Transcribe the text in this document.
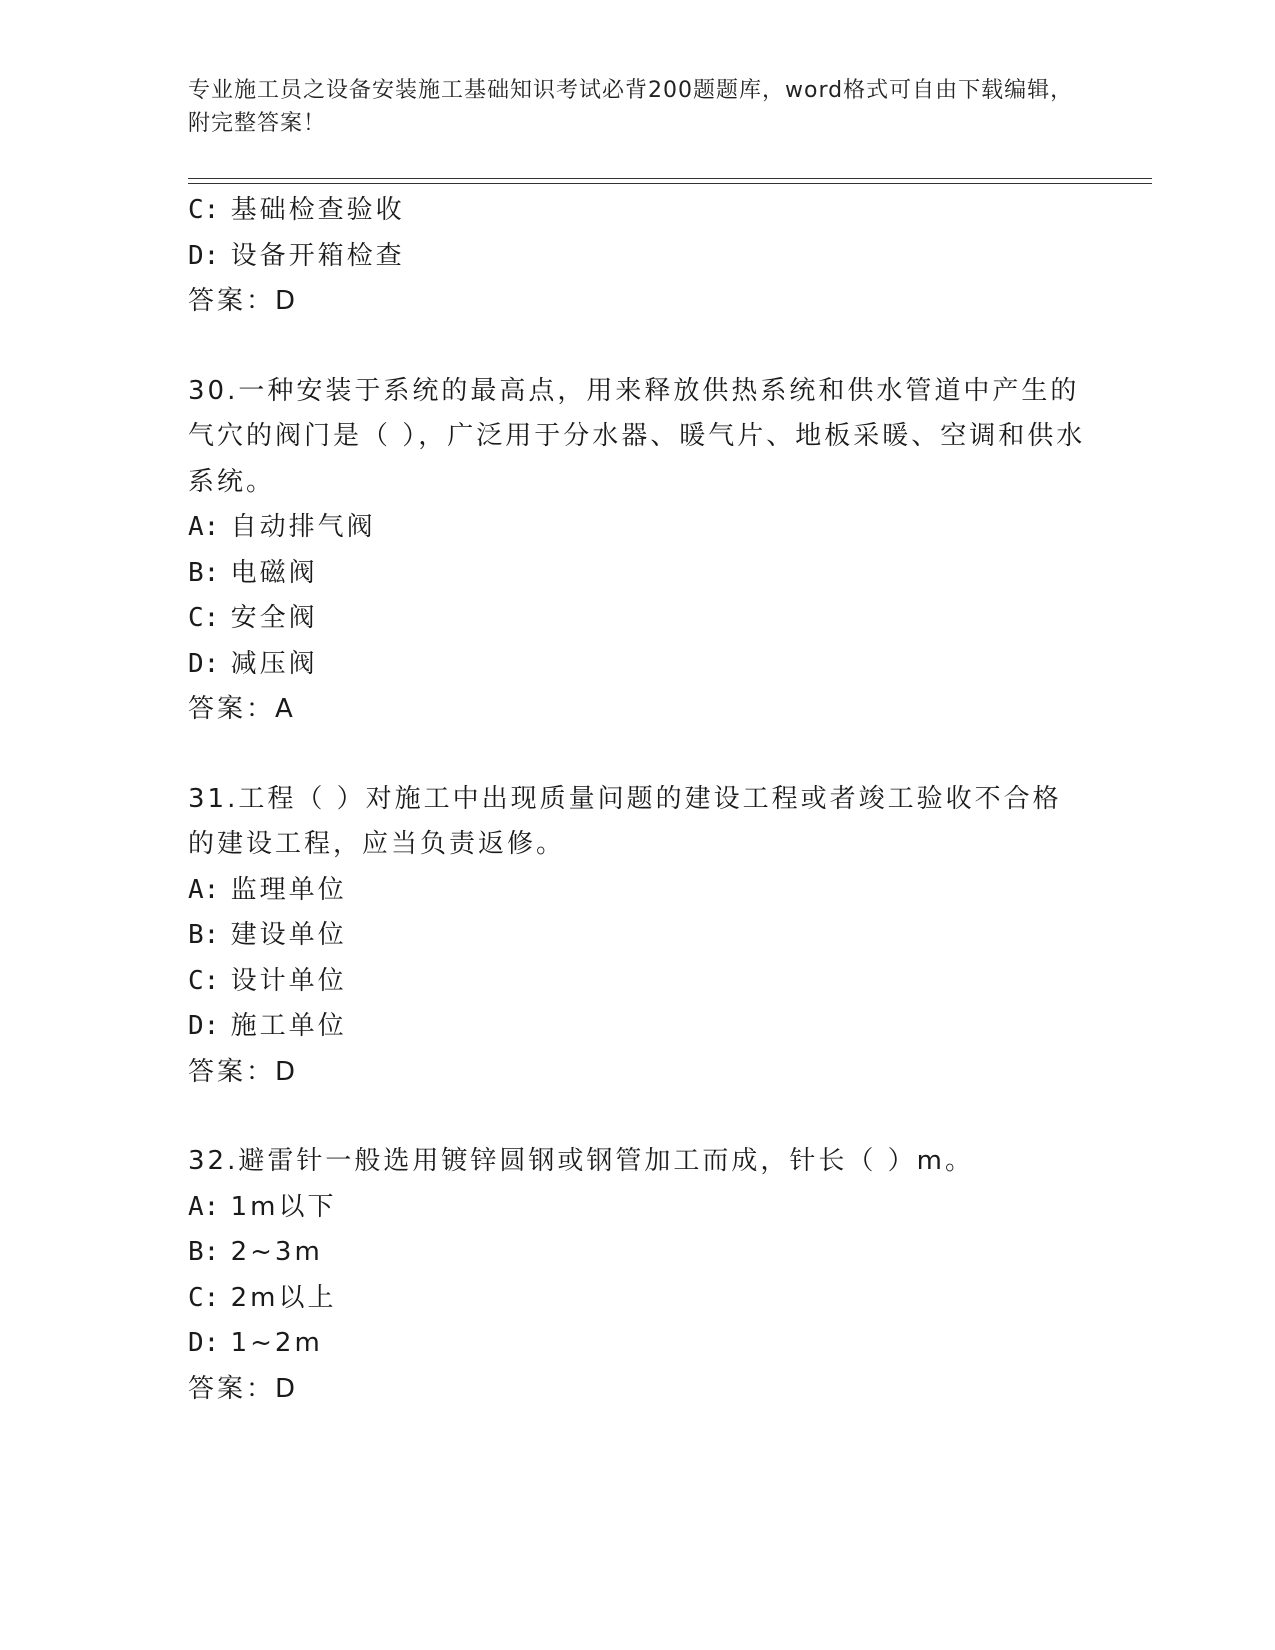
专业施工员之设备安装施工基础知识考试必背200题题库，word格式可自由下载编辑，附完整答案！
C: 基础检查验收
D: 设备开箱检查
答案：D
30.一种安装于系统的最高点，用来释放供热系统和供水管道中产生的气穴的阀门是（ ），广泛用于分水器、暖气片、地板采暖、空调和供水系统。
A: 自动排气阀
B: 电磁阀
C: 安全阀
D: 减压阀
答案：A
31.工程（ ）对施工中出现质量问题的建设工程或者竣工验收不合格的建设工程，应当负责返修。
A: 监理单位
B: 建设单位
C: 设计单位
D: 施工单位
答案：D
32.避雷针一般选用镀锌圆钢或钢管加工而成，针长（ ）m。
A: 1m以下
B: 2~3m
C: 2m以上
D: 1~2m
答案：D
